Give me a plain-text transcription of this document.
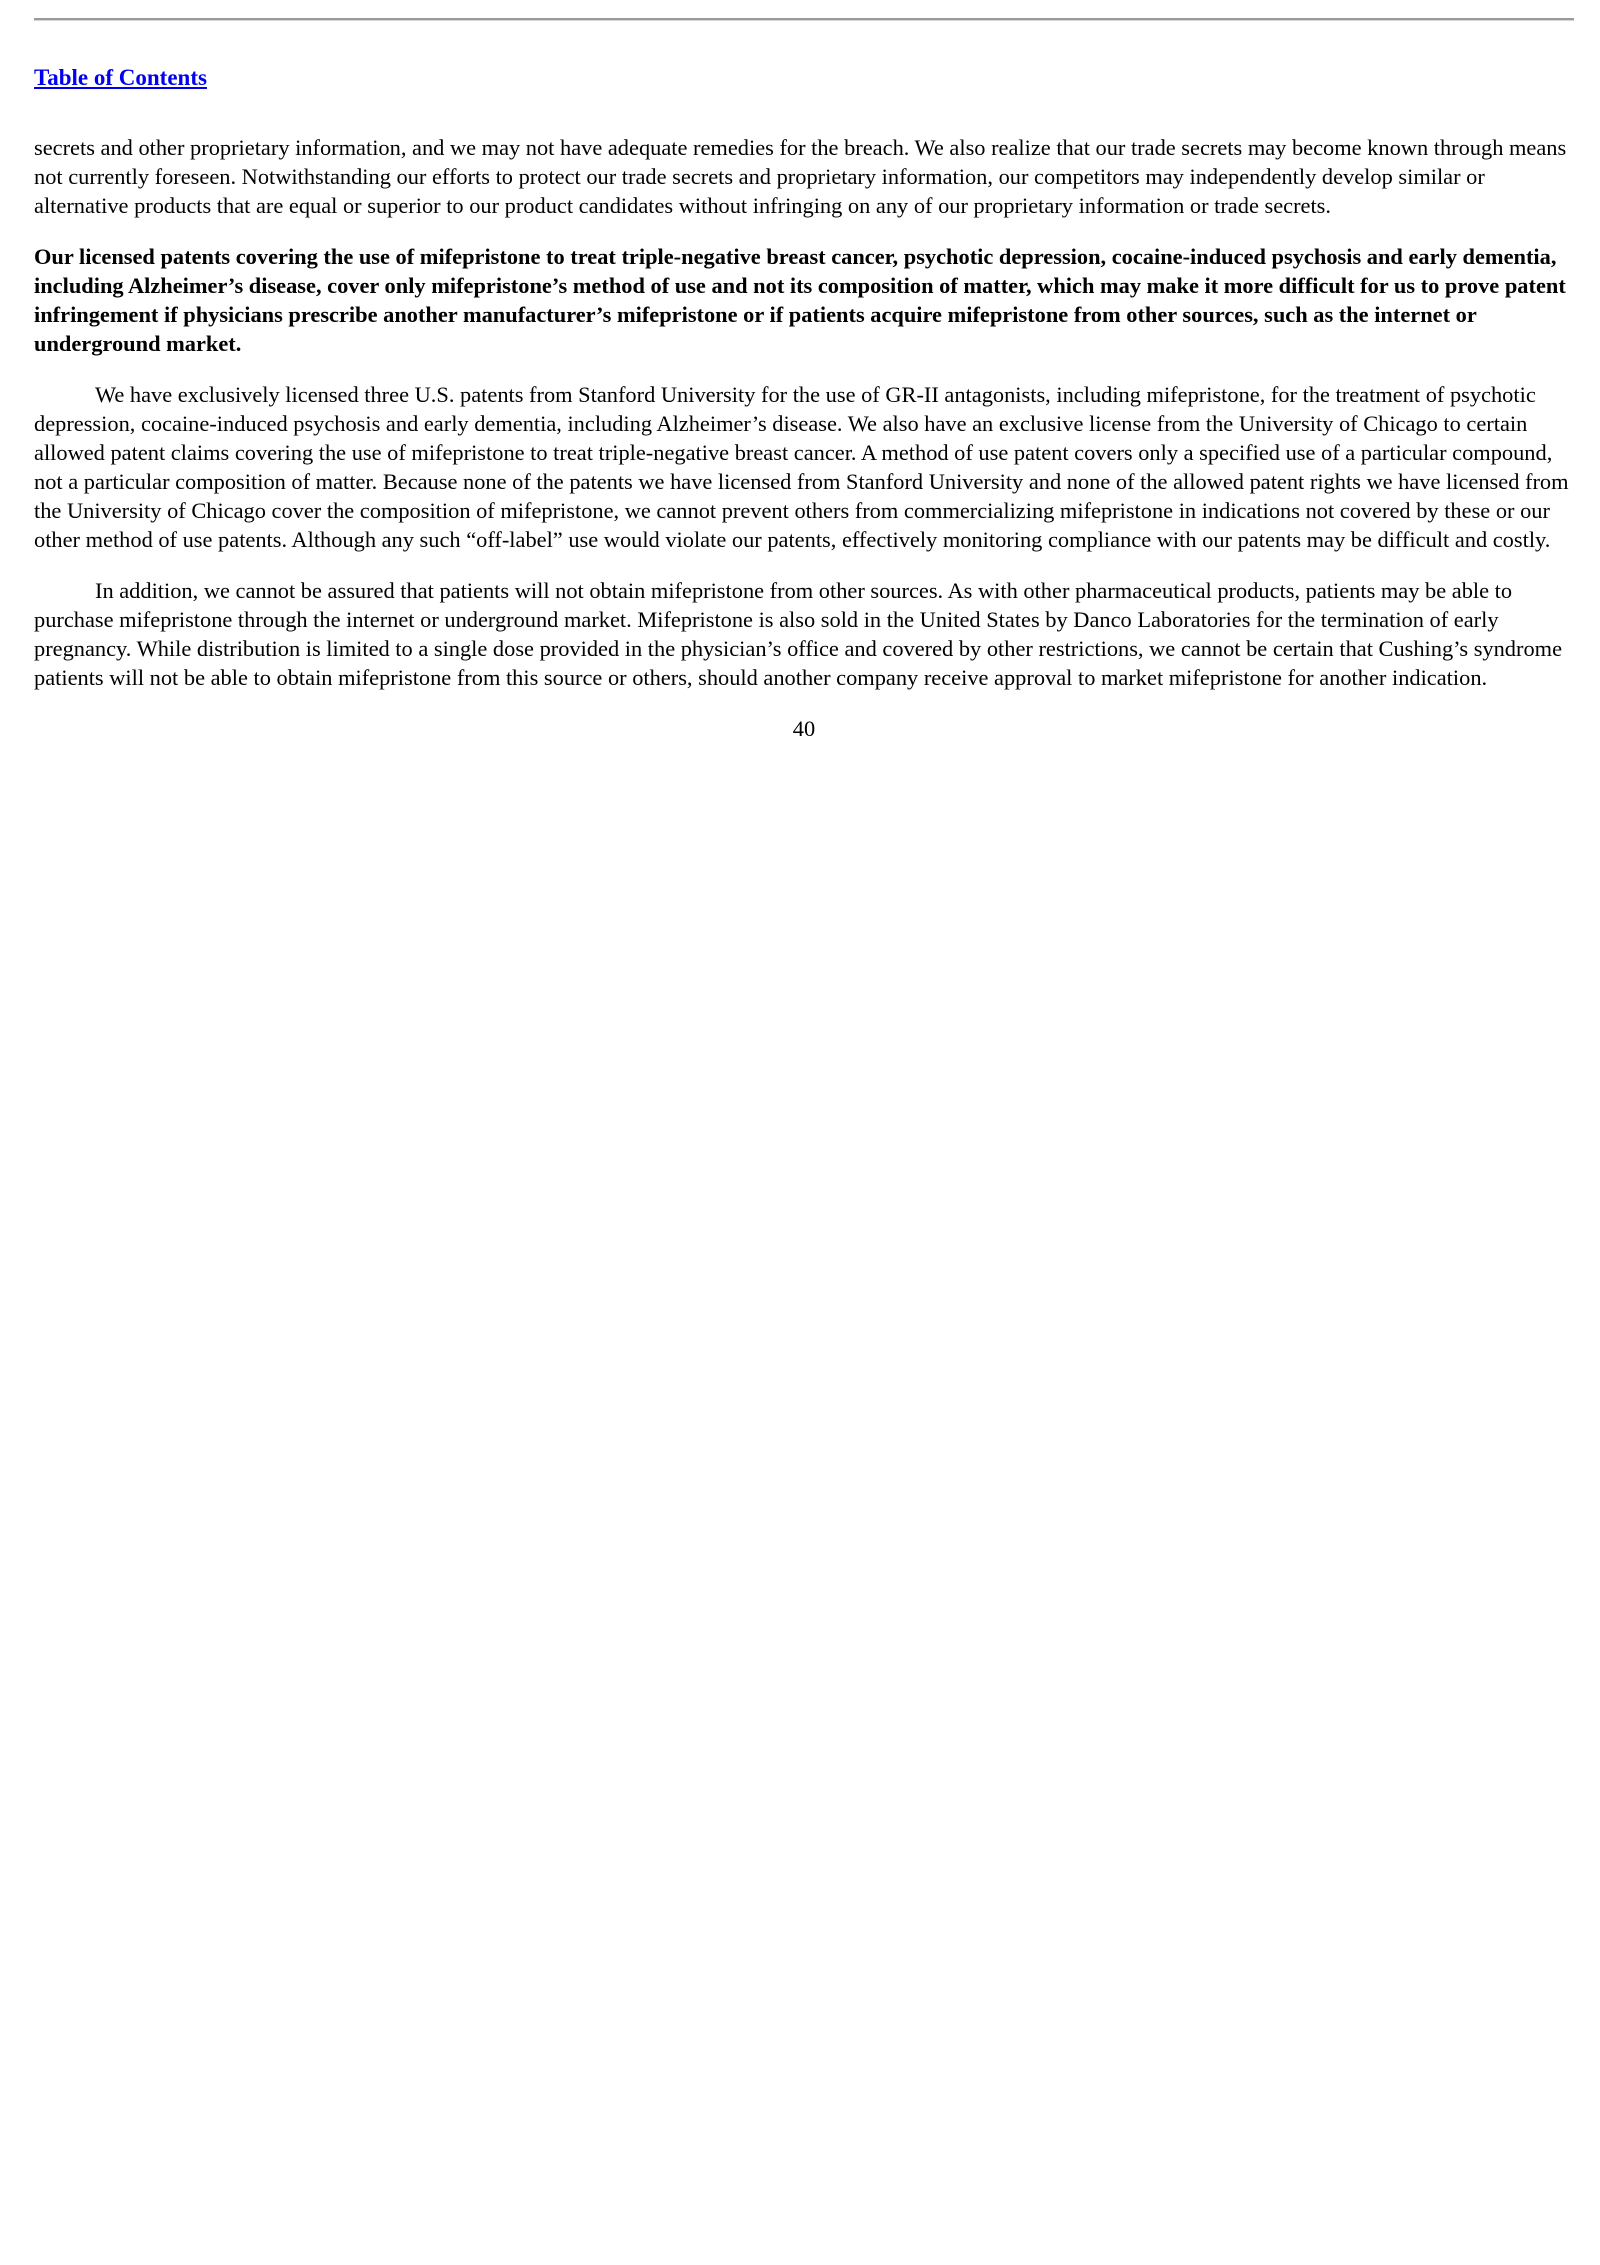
Table of Contents

secrets and other proprietary information, and we may not have adequate remedies for the breach. We also realize that our trade secrets may become known through means not currently foreseen. Notwithstanding our efforts to protect our trade secrets and proprietary information, our competitors may independently develop similar or alternative products that are equal or superior to our product candidates without infringing on any of our proprietary information or trade secrets.

Our licensed patents covering the use of mifepristone to treat triple-negative breast cancer, psychotic depression, cocaine-induced psychosis and early dementia, including Alzheimer’s disease, cover only mifepristone’s method of use and not its composition of matter, which may make it more difficult for us to prove patent infringement if physicians prescribe another manufacturer’s mifepristone or if patients acquire mifepristone from other sources, such as the internet or underground market.

We have exclusively licensed three U.S. patents from Stanford University for the use of GR-II antagonists, including mifepristone, for the treatment of psychotic depression, cocaine-induced psychosis and early dementia, including Alzheimer’s disease. We also have an exclusive license from the University of Chicago to certain allowed patent claims covering the use of mifepristone to treat triple-negative breast cancer. A method of use patent covers only a specified use of a particular compound, not a particular composition of matter. Because none of the patents we have licensed from Stanford University and none of the allowed patent rights we have licensed from the University of Chicago cover the composition of mifepristone, we cannot prevent others from commercializing mifepristone in indications not covered by these or our other method of use patents. Although any such “off-label” use would violate our patents, effectively monitoring compliance with our patents may be difficult and costly.

In addition, we cannot be assured that patients will not obtain mifepristone from other sources. As with other pharmaceutical products, patients may be able to purchase mifepristone through the internet or underground market. Mifepristone is also sold in the United States by Danco Laboratories for the termination of early pregnancy. While distribution is limited to a single dose provided in the physician’s office and covered by other restrictions, we cannot be certain that Cushing’s syndrome patients will not be able to obtain mifepristone from this source or others, should another company receive approval to market mifepristone for another indication.

40
